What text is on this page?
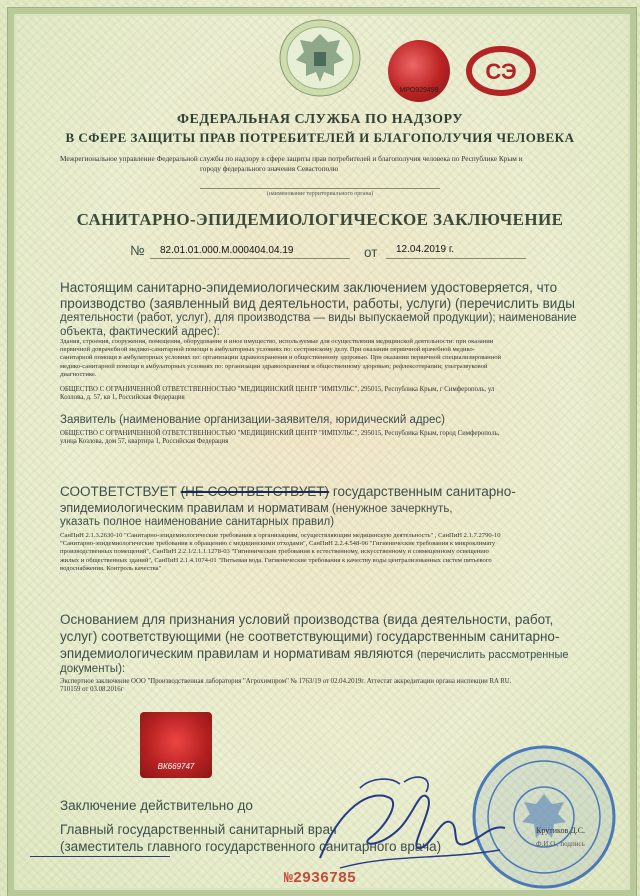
МРО929499
СЭ
ФЕДЕРАЛЬНАЯ СЛУЖБА ПО НАДЗОРУ
В СФЕРЕ ЗАЩИТЫ ПРАВ ПОТРЕБИТЕЛЕЙ И БЛАГОПОЛУЧИЯ ЧЕЛОВЕКА
Межрегиональное управление Федеральной службы по надзору в сфере защиты прав потребителей и благополучия человека по Республике Крым и
городу федерального значения Севастополю
(наименование территориального органа)
САНИТАРНО-ЭПИДЕМИОЛОГИЧЕСКОЕ ЗАКЛЮЧЕНИЕ
№ 82.01.01.000.М.000404.04.19	от 12.04.2019 г.
Настоящим санитарно-эпидемиологическим заключением удостоверяется, что
производство (заявленный вид деятельности, работы, услуги) (перечислить виды
деятельности (работ, услуг), для производства — виды выпускаемой продукции); наименование
объекта, фактический адрес):
Здания, строения, сооружения, помещения, оборудование и иное имущество, используемые для осуществления медицинской деятельности: при оказании
первичной доврачебной медико-санитарной помощи в амбулаторных условиях по: сестринскому делу. При оказании первичной врачебной медико-
санитарной помощи в амбулаторных условиях по: организации здравоохранения и общественному здоровью. При оказании первичной специализированной
медико-санитарной помощи в амбулаторных условиях по: организации здравоохранения и общественному здоровью; рефлексотерапии; ультразвуковой
диагностике.
ОБЩЕСТВО С ОГРАНИЧЕННОЙ ОТВЕТСТВЕННОСТЬЮ "МЕДИЦИНСКИЙ ЦЕНТР "ИМПУЛЬС", 295015, Республика Крым, г Симферополь, ул
Козлова, д. 57, кв 1, Российская Федерация
Заявитель (наименование организации-заявителя, юридический адрес)
ОБЩЕСТВО С ОГРАНИЧЕННОЙ ОТВЕТСТВЕННОСТЬЮ "МЕДИЦИНСКИЙ ЦЕНТР "ИМПУЛЬС", 295015, Республика Крым, город Симферополь,
улица Козлова, дом 57, квартира 1, Российская Федерация
СООТВЕТСТВУЕТ (НЕ СООТВЕТСТВУЕТ) государственным санитарно-
эпидемиологическим правилам и нормативам (ненужное зачеркнуть,
указать полное наименование санитарных правил)
СанПиН 2.1.3.2630-10 "Санитарно-эпидемиологические требования к организациям, осуществляющим медицинскую деятельность" , СанПиН 2.1.7.2790-10
"Санитарно-эпидемиологические требования к обращению с медицинскими отходами", СанПиН 2.2.4.548-96 "Гигиенические требования к микроклимату
производственных помещений", СанПиН 2.2.1/2.1.1.1278-03 "Гигиенические требования к естественному, искусственному и совмещенному освещению
жилых и общественных зданий", СанПиН 2.1.4.1074-01 "Питьевая вода. Гигиенические требования к качеству воды централизованных систем питьевого
водоснабжения. Контроль качества"
Основанием для признания условий производства (вида деятельности, работ,
услуг) соответствующими (не соответствующими) государственным санитарно-
эпидемиологическим правилам и нормативам являются (перечислить рассмотренные
документы):
Экспертное заключение ООО "Производственная лаборатория "Агрохимпром" № 1763/19 от 02.04.2019г. Аттестат аккредитации органа инспекции RA RU.
710159 от 03.08.2016г
ВК669747
Заключение действительно до
Главный государственный санитарный врач
(заместитель главного государственного санитарного врача)
Крутиков Д.С.
Ф.И.О., подпись
№2936785
